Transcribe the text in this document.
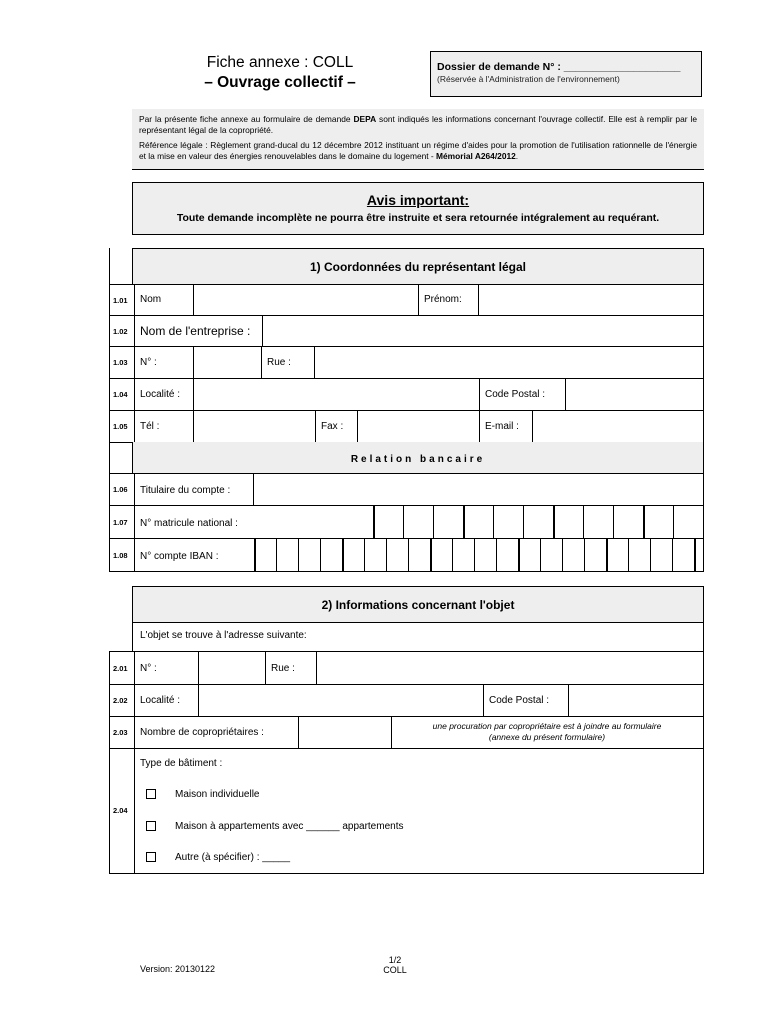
Fiche annexe : COLL
– Ouvrage collectif –
Dossier de demande N° : ____________________
(Réservée à l'Administration de l'environnement)

Par la présente fiche annexe au formulaire de demande DEPA sont indiqués les informations concernant l'ouvrage collectif. Elle est à remplir par le représentant légal de la copropriété.

Référence légale : Règlement grand-ducal du 12 décembre 2012 instituant un régime d'aides pour la promotion de l'utilisation rationnelle de l'énergie et la mise en valeur des énergies renouvelables dans le domaine du logement - Mémorial A264/2012.

Avis important:
Toute demande incomplète ne pourra être instruite et sera retournée intégralement au requérant.
1) Coordonnées du représentant légal
1.01 Nom	Prénom:
1.02 Nom de l'entreprise :
1.03 N° :	Rue :
1.04 Localité :	Code Postal :
1.05 Tél :	Fax :	E-mail :
Relation bancaire
1.06 Titulaire du compte :
1.07 N° matricule national :
1.08 N° compte IBAN :
2) Informations concernant l'objet
L'objet se trouve à l'adresse suivante:
2.01 N° :	Rue :
2.02 Localité :	Code Postal :
2.03 Nombre de copropriétaires :
une procuration par copropriétaire est à joindre au formulaire
(annexe du présent formulaire)
2.04
Type de bâtiment :
Maison individuelle
Maison à appartements avec ______ appartements
Autre (à spécifier) : _____
Version: 20130122
1/2
COLL
